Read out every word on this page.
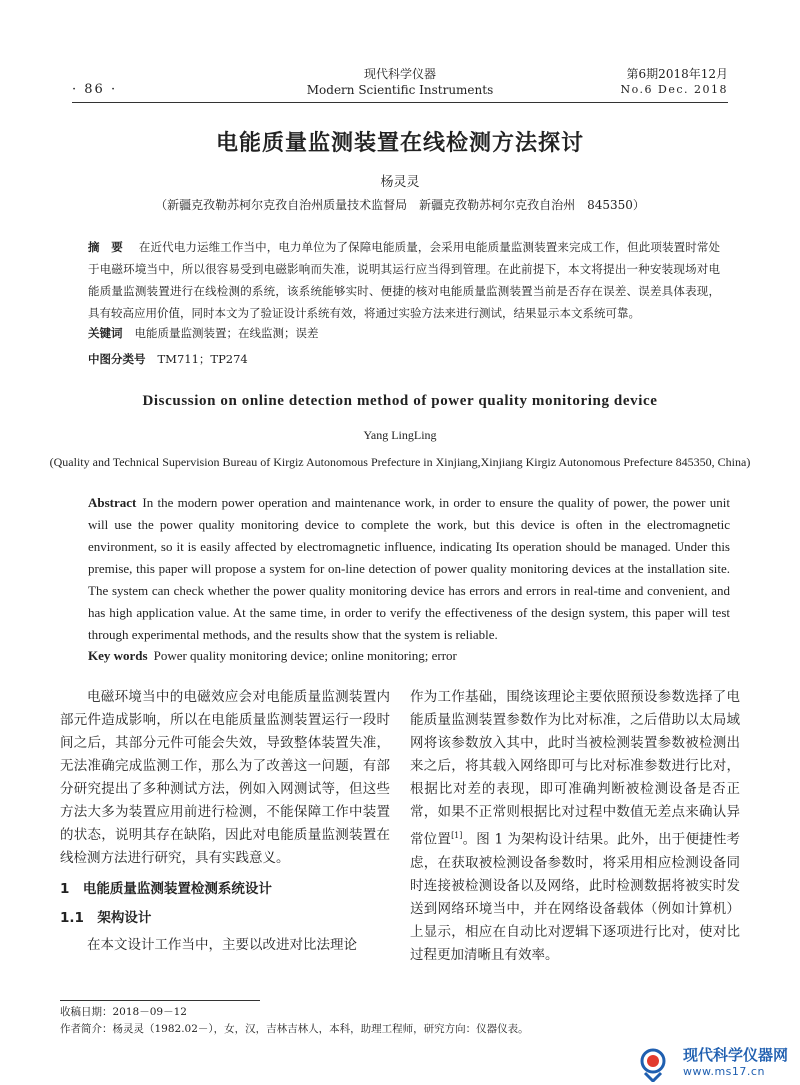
· 86 ·
现代科学仪器
Modern Scientific Instruments
第6期2018年12月
No.6 Dec. 2018
电能质量监测装置在线检测方法探讨
杨灵灵
（新疆克孜勒苏柯尔克孜自治州质量技术监督局　新疆克孜勒苏柯尔克孜自治州　845350）
摘　要 在近代电力运维工作当中，电力单位为了保障电能质量，会采用电能质量监测装置来完成工作，但此项装置时常处于电磁环境当中，所以很容易受到电磁影响而失准，说明其运行应当得到管理。在此前提下，本文将提出一种安装现场对电能质量监测装置进行在线检测的系统，该系统能够实时、便捷的核对电能质量监测装置当前是否存在误差、误差具体表现，具有较高应用价值，同时本文为了验证设计系统有效，将通过实验方法来进行测试，结果显示本文系统可靠。
关键词 电能质量监测装置；在线监测；误差
中图分类号 TM711；TP274
Discussion on online detection method of power quality monitoring device
Yang LingLing
(Quality and Technical Supervision Bureau of Kirgiz Autonomous Prefecture in Xinjiang,Xinjiang Kirgiz Autonomous Prefecture 845350, China)
Abstract In the modern power operation and maintenance work, in order to ensure the quality of power, the power unit will use the power quality monitoring device to complete the work, but this device is often in the electromagnetic environment, so it is easily affected by electromagnetic influence, indicating Its operation should be managed. Under this premise, this paper will propose a system for on-line detection of power quality monitoring devices at the installation site. The system can check whether the power quality monitoring device has errors and errors in real-time and convenient, and has high application value. At the same time, in order to verify the effectiveness of the design system, this paper will test through experimental methods, and the results show that the system is reliable.
Key words Power quality monitoring device; online monitoring; error

电磁环境当中的电磁效应会对电能质量监测装置内部元件造成影响，所以在电能质量监测装置运行一段时间之后，其部分元件可能会失效，导致整体装置失准，无法准确完成监测工作，那么为了改善这一问题，有部分研究提出了多种测试方法，例如入网测试等，但这些方法大多为装置应用前进行检测，不能保障工作中装置的状态，说明其存在缺陷，因此对电能质量监测装置在线检测方法进行研究，具有实践意义。

1　电能质量监测装置检测系统设计
1.1　架构设计

在本文设计工作当中，主要以改进对比法理论

作为工作基础，围绕该理论主要依照预设参数选择了电能质量监测装置参数作为比对标准，之后借助以太局域网将该参数放入其中，此时当被检测装置参数被检测出来之后，将其载入网络即可与比对标准参数进行比对，根据比对差的表现，即可准确判断被检测设备是否正常，如果不正常则根据比对过程中数值无差点来确认异常位置[1]。图 1 为架构设计结果。此外，出于便捷性考虑，在获取被检测设备参数时，将采用相应检测设备同时连接被检测设备以及网络，此时检测数据将被实时发送到网络环境当中，并在网络设备载体（例如计算机）上显示，相应在自动比对逻辑下逐项进行比对，使对比过程更加清晰且有效率。

收稿日期：2018－09－12
作者简介：杨灵灵（1982.02－），女，汉，吉林吉林人，本科，助理工程师，研究方向：仪器仪表。
现代科学仪器网
www.ms17.cn
